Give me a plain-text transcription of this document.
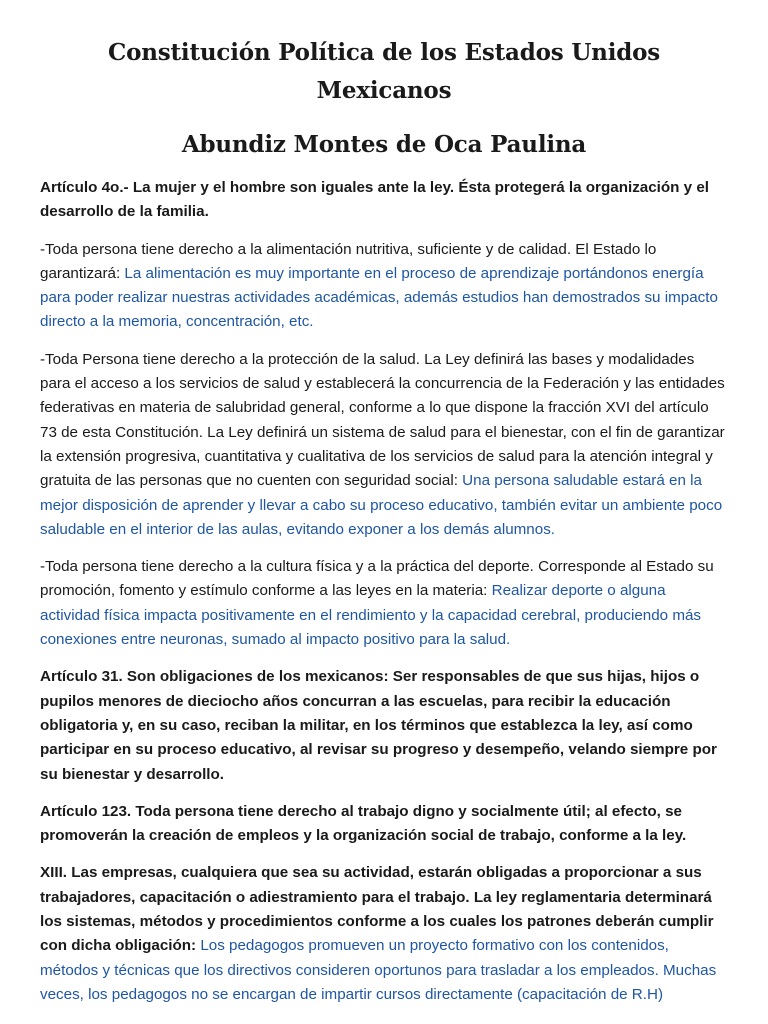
Constitución Política de los Estados Unidos Mexicanos
Abundiz Montes de Oca Paulina

Artículo 4o.- La mujer y el hombre son iguales ante la ley. Ésta protegerá la organización y el desarrollo de la familia.

-Toda persona tiene derecho a la alimentación nutritiva, suficiente y de calidad. El Estado lo garantizará: La alimentación es muy importante en el proceso de aprendizaje portándonos energía para poder realizar nuestras actividades académicas, además estudios han demostrados su impacto directo a la memoria, concentración, etc.

-Toda Persona tiene derecho a la protección de la salud. La Ley definirá las bases y modalidades para el acceso a los servicios de salud y establecerá la concurrencia de la Federación y las entidades federativas en materia de salubridad general, conforme a lo que dispone la fracción XVI del artículo 73 de esta Constitución. La Ley definirá un sistema de salud para el bienestar, con el fin de garantizar la extensión progresiva, cuantitativa y cualitativa de los servicios de salud para la atención integral y gratuita de las personas que no cuenten con seguridad social: Una persona saludable estará en la mejor disposición de aprender y llevar a cabo su proceso educativo, también evitar un ambiente poco saludable en el interior de las aulas, evitando exponer a los demás alumnos.

-Toda persona tiene derecho a la cultura física y a la práctica del deporte. Corresponde al Estado su promoción, fomento y estímulo conforme a las leyes en la materia: Realizar deporte o alguna actividad física impacta positivamente en el rendimiento y la capacidad cerebral, produciendo más conexiones entre neuronas, sumado al impacto positivo para la salud.

Artículo 31. Son obligaciones de los mexicanos: Ser responsables de que sus hijas, hijos o pupilos menores de dieciocho años concurran a las escuelas, para recibir la educación obligatoria y, en su caso, reciban la militar, en los términos que establezca la ley, así como participar en su proceso educativo, al revisar su progreso y desempeño, velando siempre por su bienestar y desarrollo.

Artículo 123. Toda persona tiene derecho al trabajo digno y socialmente útil; al efecto, se promoverán la creación de empleos y la organización social de trabajo, conforme a la ley.

XIII. Las empresas, cualquiera que sea su actividad, estarán obligadas a proporcionar a sus trabajadores, capacitación o adiestramiento para el trabajo. La ley reglamentaria determinará los sistemas, métodos y procedimientos conforme a los cuales los patrones deberán cumplir con dicha obligación: Los pedagogos promueven un proyecto formativo con los contenidos, métodos y técnicas que los directivos consideren oportunos para trasladar a los empleados. Muchas veces, los pedagogos no se encargan de impartir cursos directamente (capacitación de R.H)
